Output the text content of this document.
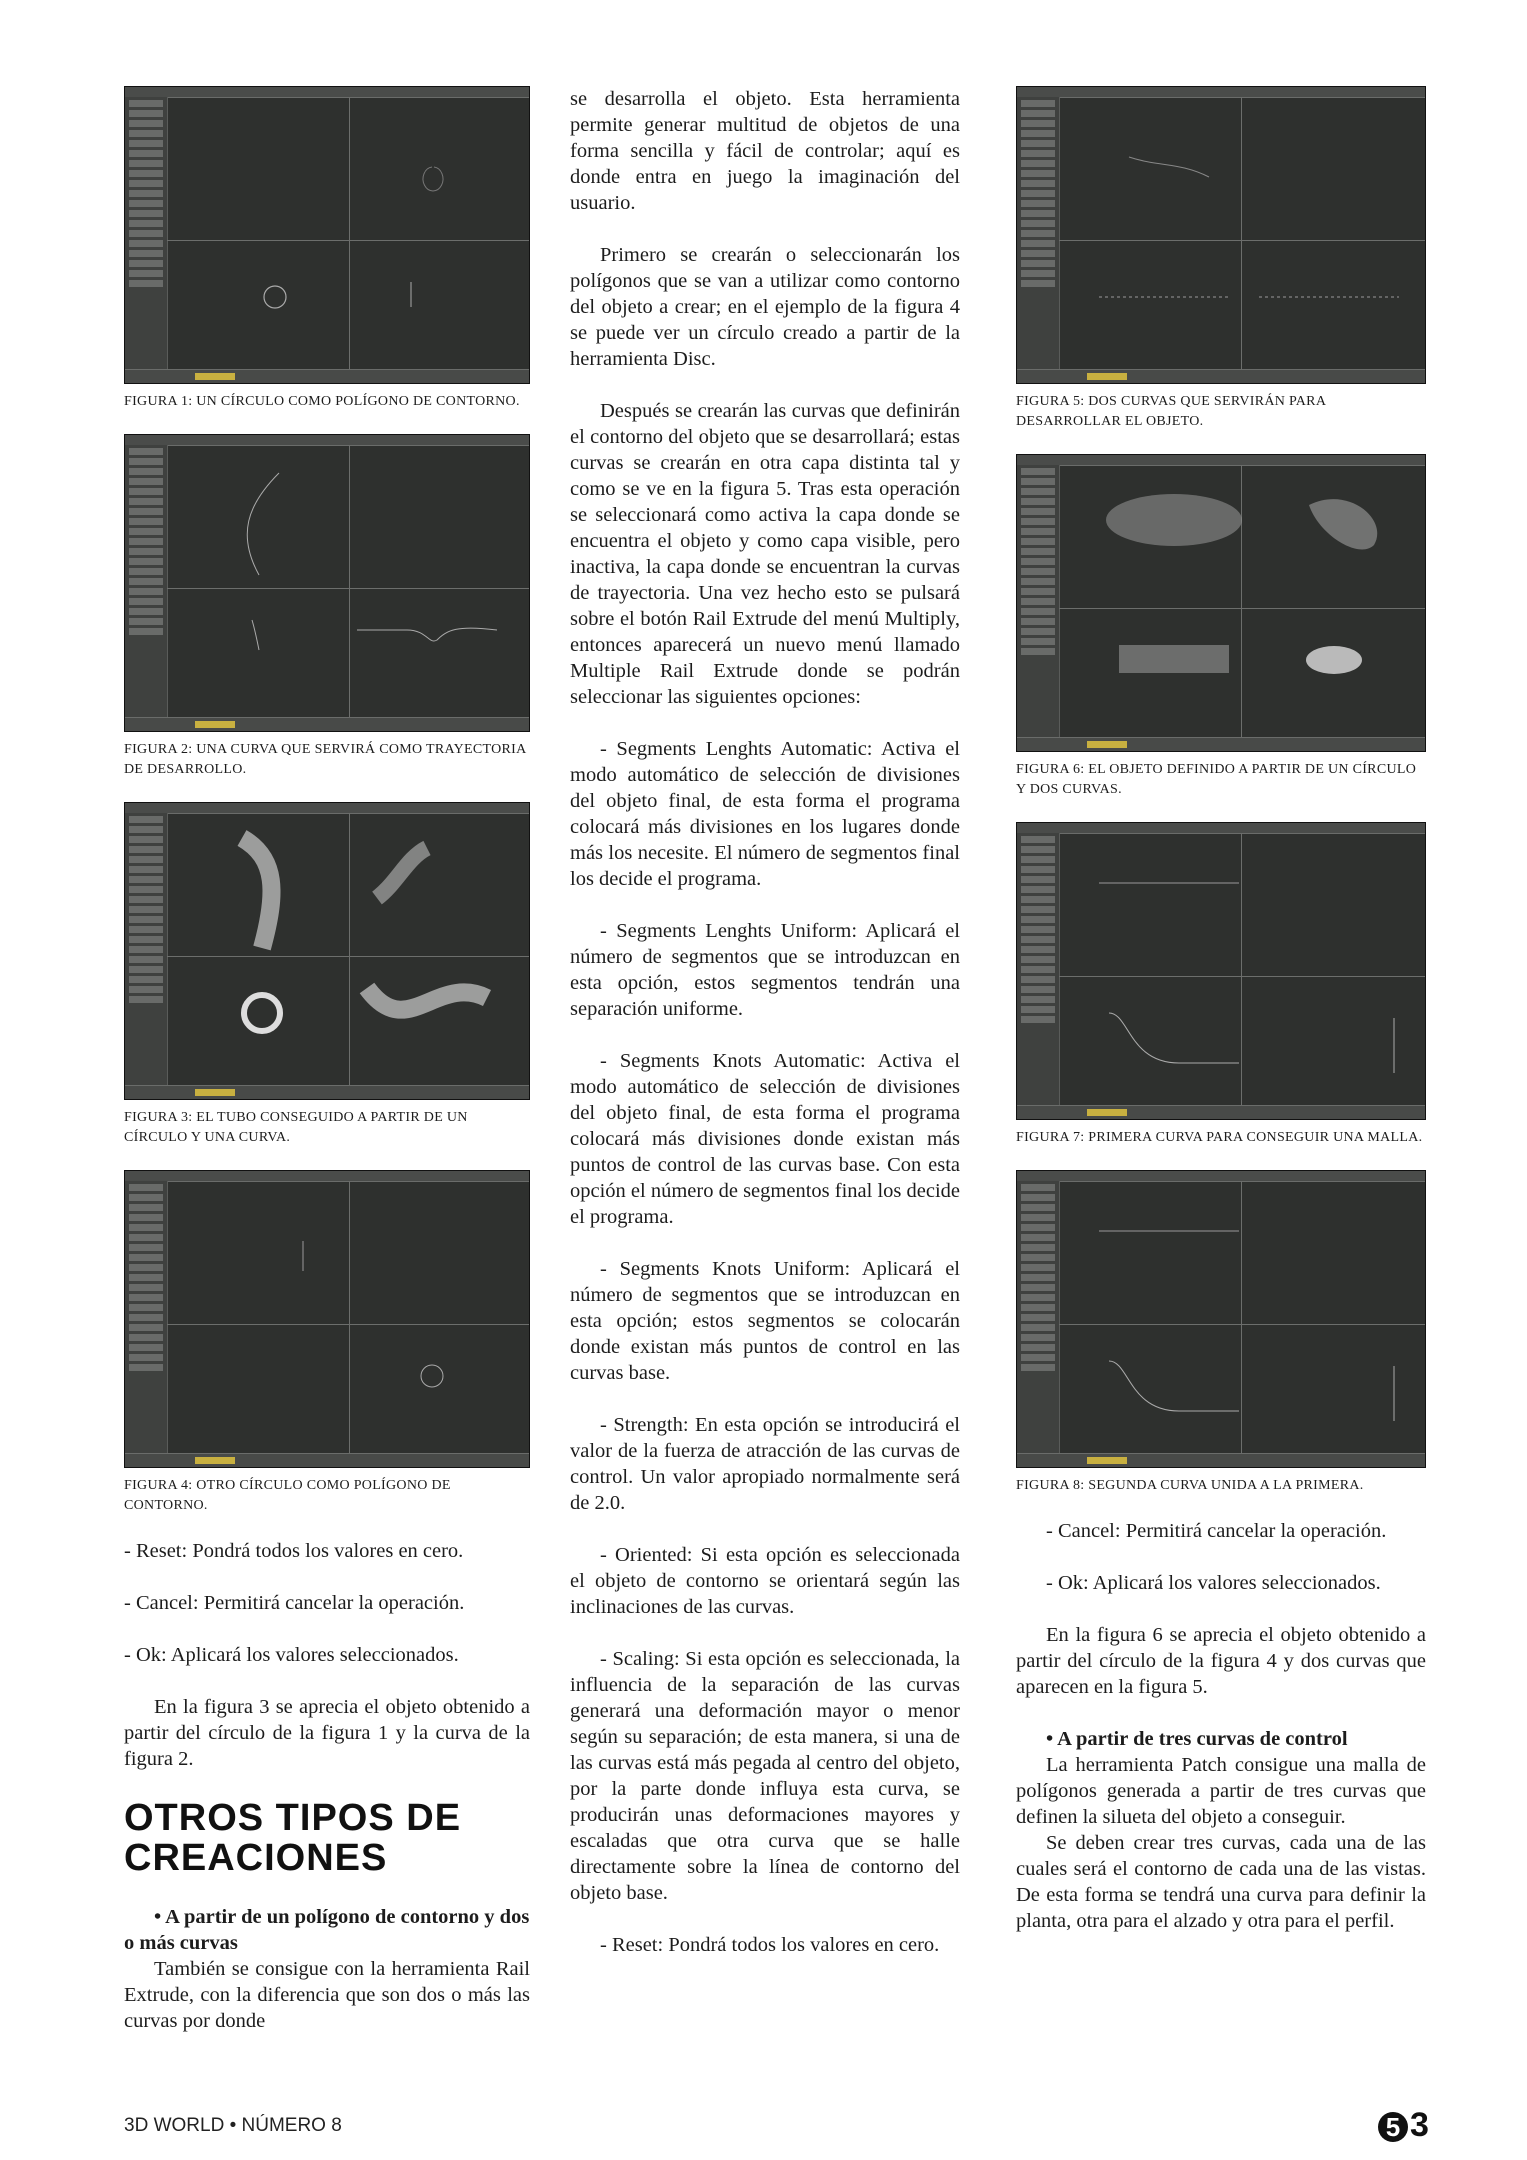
FIGURA 1: UN CÍRCULO COMO POLÍGONO DE CONTORNO.
FIGURA 2: UNA CURVA QUE SERVIRÁ COMO TRAYECTORIA DE DESARROLLO.
FIGURA 3: EL TUBO CONSEGUIDO A PARTIR DE UN CÍRCULO Y UNA CURVA.
FIGURA 4: OTRO CÍRCULO COMO POLÍGONO DE CONTORNO.

- Reset: Pondrá todos los valores en cero.

- Cancel: Permitirá cancelar la operación.

- Ok: Aplicará los valores seleccionados.

En la figura 3 se aprecia el objeto obtenido a partir del círculo de la figura 1 y la curva de la figura 2.

OTROS TIPOS DE
CREACIONES
• A partir de un polígono de contorno y dos o más curvas

También se consigue con la herramienta Rail Extrude, con la diferencia que son dos o más las curvas por donde

se desarrolla el objeto. Esta herramienta permite generar multitud de objetos de una forma sencilla y fácil de controlar; aquí es donde entra en juego la imaginación del usuario.

Primero se crearán o seleccionarán los polígonos que se van a utilizar como contorno del objeto a crear; en el ejemplo de la figura 4 se puede ver un círculo creado a partir de la herramienta Disc.

Después se crearán las curvas que definirán el contorno del objeto que se desarrollará; estas curvas se crearán en otra capa distinta tal y como se ve en la figura 5. Tras esta operación se seleccionará como activa la capa donde se encuentra el objeto y como capa visible, pero inactiva, la capa donde se encuentran la curvas de trayectoria. Una vez hecho esto se pulsará sobre el botón Rail Extrude del menú Multiply, entonces aparecerá un nuevo menú llamado Multiple Rail Extrude donde se podrán seleccionar las siguientes opciones:

- Segments Lenghts Automatic: Activa el modo automático de selección de divisiones del objeto final, de esta forma el programa colocará más divisiones en los lugares donde más los necesite. El número de segmentos final los decide el programa.

- Segments Lenghts Uniform: Aplicará el número de segmentos que se introduzcan en esta opción, estos segmentos tendrán una separación uniforme.

- Segments Knots Automatic: Activa el modo automático de selección de divisiones del objeto final, de esta forma el programa colocará más divisiones donde existan más puntos de control de las curvas base. Con esta opción el número de segmentos final los decide el programa.

- Segments Knots Uniform: Aplicará el número de segmentos que se introduzcan en esta opción; estos segmentos se colocarán donde existan más puntos de control en las curvas base.

- Strength: En esta opción se introducirá el valor de la fuerza de atracción de las curvas de control. Un valor apropiado normalmente será de 2.0.

- Oriented: Si esta opción es seleccionada el objeto de contorno se orientará según las inclinaciones de las curvas.

- Scaling: Si esta opción es seleccionada, la influencia de la separación de las curvas generará una deformación mayor o menor según su separación; de esta manera, si una de las curvas está más pegada al centro del objeto, por la parte donde influya esta curva, se producirán unas deformaciones mayores y escaladas que otra curva que se halle directamente sobre la línea de contorno del objeto base.

- Reset: Pondrá todos los valores en cero.

FIGURA 5: DOS CURVAS QUE SERVIRÁN PARA DESARROLLAR EL OBJETO.
FIGURA 6: EL OBJETO DEFINIDO A PARTIR DE UN CÍRCULO Y DOS CURVAS.
FIGURA 7: PRIMERA CURVA PARA CONSEGUIR UNA MALLA.
FIGURA 8: SEGUNDA CURVA UNIDA A LA PRIMERA.

- Cancel: Permitirá cancelar la operación.

- Ok: Aplicará los valores seleccionados.

En la figura 6 se aprecia el objeto obtenido a partir del círculo de la figura 4 y dos curvas que aparecen en la figura 5.

• A partir de tres curvas de control

La herramienta Patch consigue una malla de polígonos generada a partir de tres curvas que definen la silueta del objeto a conseguir.

Se deben crear tres curvas, cada una de las cuales será el contorno de cada una de las vistas. De esta forma se tendrá una curva para definir la planta, otra para el alzado y otra para el perfil.

3D WORLD • NÚMERO 8	5 3
